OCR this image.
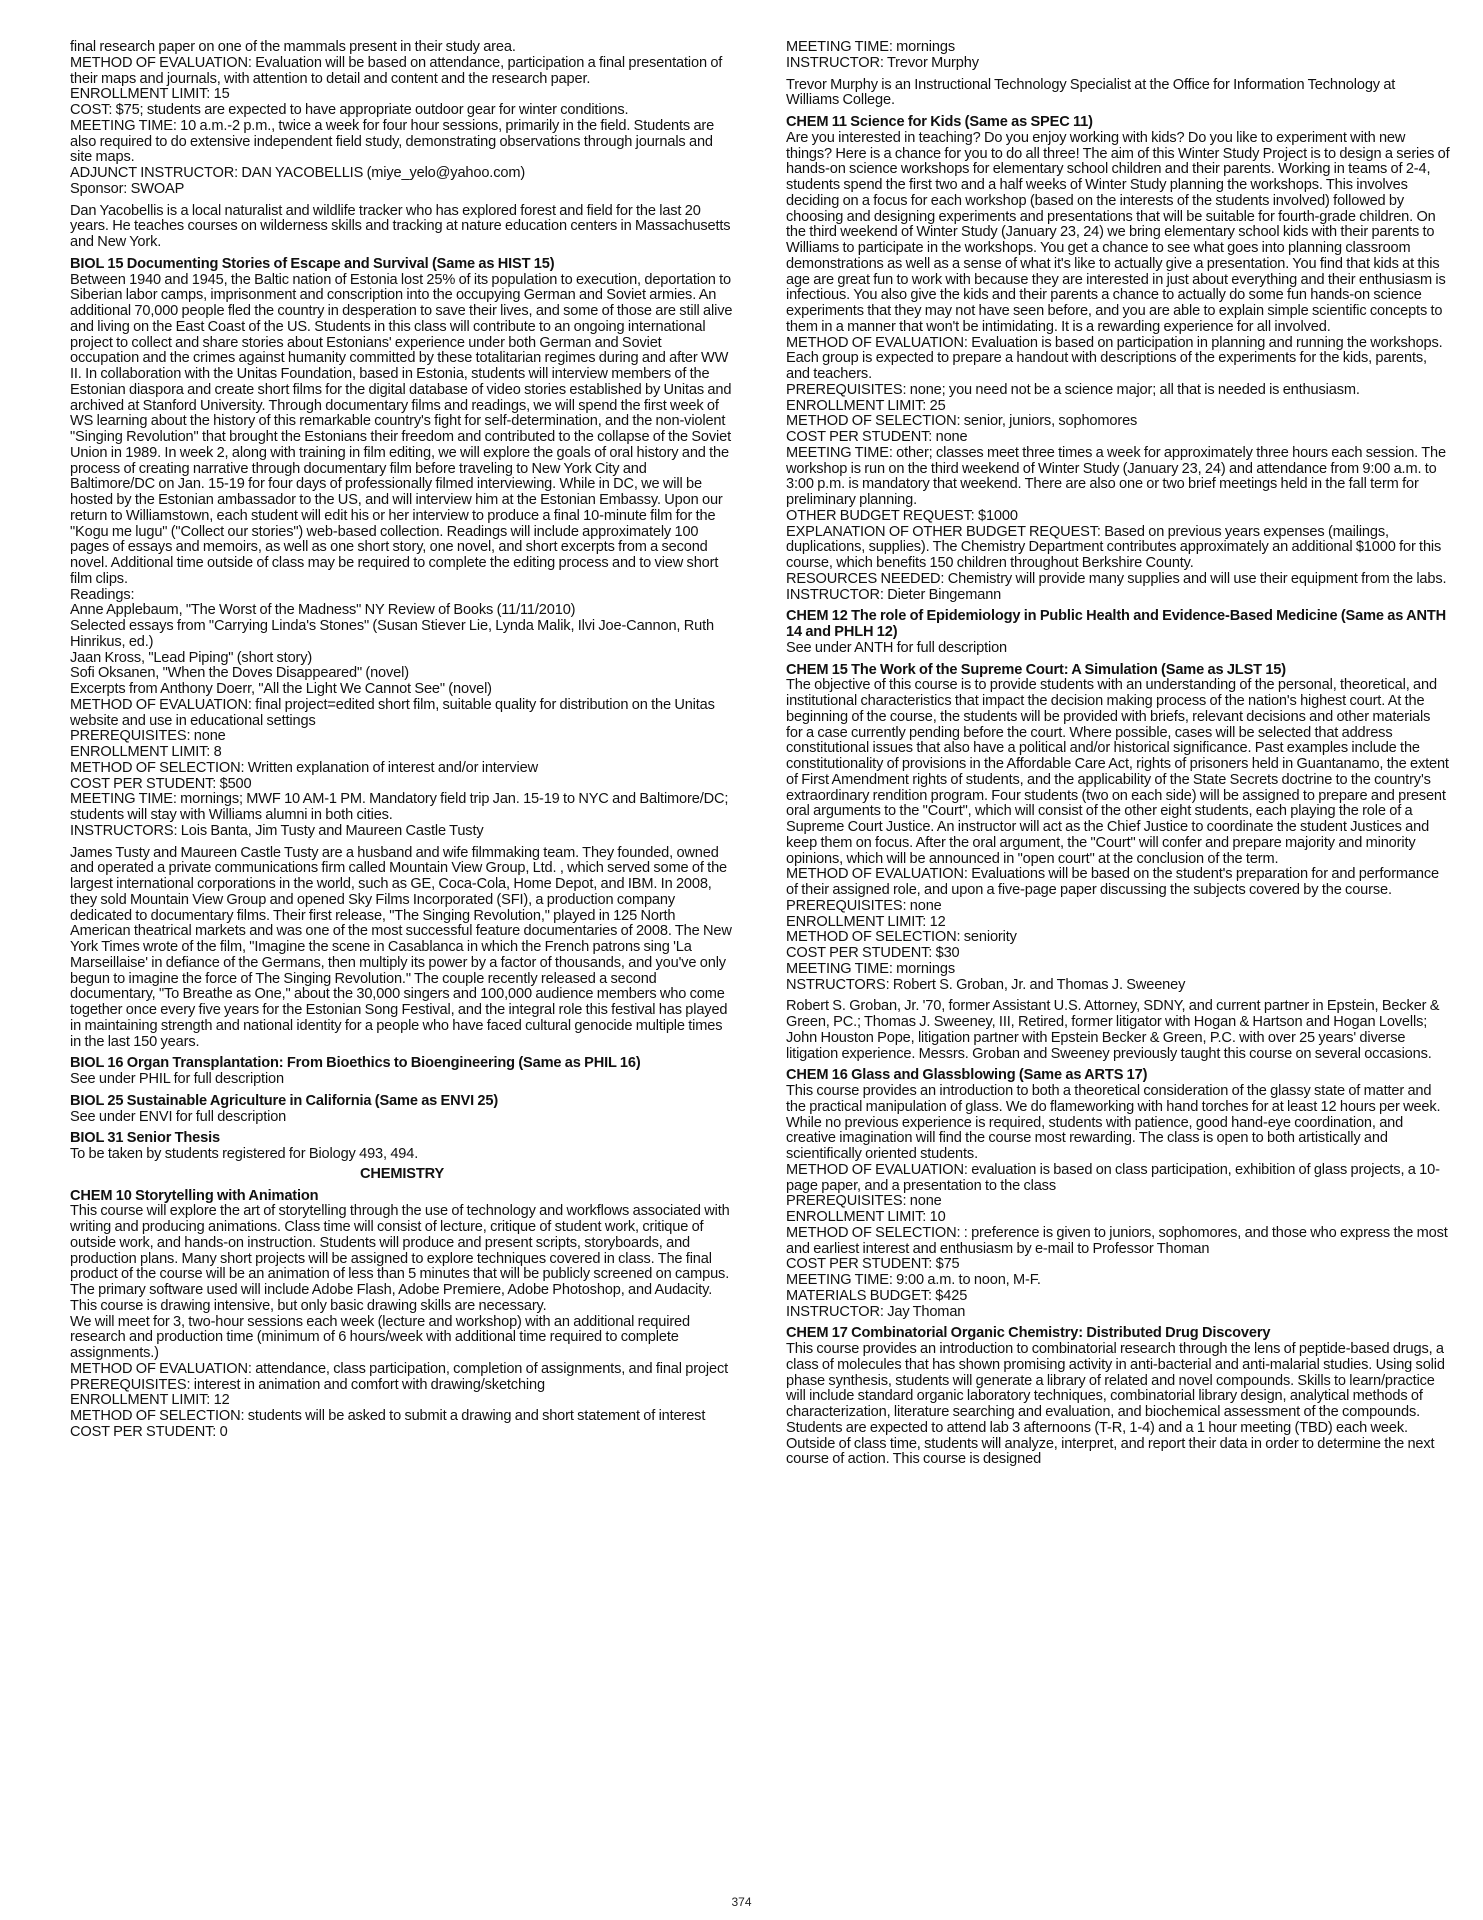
final research paper on one of the mammals present in their study area.

METHOD OF EVALUATION: Evaluation will be based on attendance, participation a final presentation of their maps and journals, with attention to detail and content and the research paper.

ENROLLMENT LIMIT: 15

COST: $75; students are expected to have appropriate outdoor gear for winter conditions.

MEETING TIME: 10 a.m.-2 p.m., twice a week for four hour sessions, primarily in the field. Students are also required to do extensive independent field study, demonstrating observations through journals and site maps.

ADJUNCT INSTRUCTOR: DAN YACOBELLIS (miye_yelo@yahoo.com)

Sponsor: SWOAP

Dan Yacobellis is a local naturalist and wildlife tracker who has explored forest and field for the last 20 years. He teaches courses on wilderness skills and tracking at nature education centers in Massachusetts and New York.

BIOL 15 Documenting Stories of Escape and Survival (Same as HIST 15)

Between 1940 and 1945, the Baltic nation of Estonia lost 25% of its population to execution, deportation to Siberian labor camps, imprisonment and conscription into the occupying German and Soviet armies. An additional 70,000 people fled the country in desperation to save their lives, and some of those are still alive and living on the East Coast of the US. Students in this class will contribute to an ongoing international project to collect and share stories about Estonians' experience under both German and Soviet occupation and the crimes against humanity committed by these totalitarian regimes during and after WW II. In collaboration with the Unitas Foundation, based in Estonia, students will interview members of the Estonian diaspora and create short films for the digital database of video stories established by Unitas and archived at Stanford University. Through documentary films and readings, we will spend the first week of WS learning about the history of this remarkable country's fight for self-determination, and the non-violent "Singing Revolution" that brought the Estonians their freedom and contributed to the collapse of the Soviet Union in 1989. In week 2, along with training in film editing, we will explore the goals of oral history and the process of creating narrative through documentary film before traveling to New York City and Baltimore/DC on Jan. 15-19 for four days of professionally filmed interviewing. While in DC, we will be hosted by the Estonian ambassador to the US, and will interview him at the Estonian Embassy. Upon our return to Williamstown, each student will edit his or her interview to produce a final 10-minute film for the "Kogu me lugu" ("Collect our stories") web-based collection. Readings will include approximately 100 pages of essays and memoirs, as well as one short story, one novel, and short excerpts from a second novel. Additional time outside of class may be required to complete the editing process and to view short film clips.

Readings:

Anne Applebaum, "The Worst of the Madness" NY Review of Books (11/11/2010)

Selected essays from "Carrying Linda's Stones" (Susan Stiever Lie, Lynda Malik, Ilvi Joe-Cannon, Ruth Hinrikus, ed.)

Jaan Kross, "Lead Piping" (short story)

Sofi Oksanen, "When the Doves Disappeared" (novel)

Excerpts from Anthony Doerr, "All the Light We Cannot See" (novel)

METHOD OF EVALUATION: final project=edited short film, suitable quality for distribution on the Unitas website and use in educational settings

PREREQUISITES: none

ENROLLMENT LIMIT: 8

METHOD OF SELECTION: Written explanation of interest and/or interview

COST PER STUDENT: $500

MEETING TIME: mornings; MWF 10 AM-1 PM. Mandatory field trip Jan. 15-19 to NYC and Baltimore/DC; students will stay with Williams alumni in both cities.

INSTRUCTORS: Lois Banta, Jim Tusty and Maureen Castle Tusty

James Tusty and Maureen Castle Tusty are a husband and wife filmmaking team. They founded, owned and operated a private communications firm called Mountain View Group, Ltd. , which served some of the largest international corporations in the world, such as GE, Coca-Cola, Home Depot, and IBM. In 2008, they sold Mountain View Group and opened Sky Films Incorporated (SFI), a production company dedicated to documentary films. Their first release, "The Singing Revolution," played in 125 North American theatrical markets and was one of the most successful feature documentaries of 2008. The New York Times wrote of the film, "Imagine the scene in Casablanca in which the French patrons sing 'La Marseillaise' in defiance of the Germans, then multiply its power by a factor of thousands, and you've only begun to imagine the force of The Singing Revolution." The couple recently released a second documentary, "To Breathe as One," about the 30,000 singers and 100,000 audience members who come together once every five years for the Estonian Song Festival, and the integral role this festival has played in maintaining strength and national identity for a people who have faced cultural genocide multiple times in the last 150 years.

BIOL 16 Organ Transplantation: From Bioethics to Bioengineering (Same as PHIL 16)

See under PHIL for full description

BIOL 25 Sustainable Agriculture in California (Same as ENVI 25)

See under ENVI for full description

BIOL 31 Senior Thesis

To be taken by students registered for Biology 493, 494.

CHEMISTRY
CHEM 10 Storytelling with Animation

This course will explore the art of storytelling through the use of technology and workflows associated with writing and producing animations. Class time will consist of lecture, critique of student work, critique of outside work, and hands-on instruction. Students will produce and present scripts, storyboards, and production plans. Many short projects will be assigned to explore techniques covered in class. The final product of the course will be an animation of less than 5 minutes that will be publicly screened on campus.

The primary software used will include Adobe Flash, Adobe Premiere, Adobe Photoshop, and Audacity. This course is drawing intensive, but only basic drawing skills are necessary.

We will meet for 3, two-hour sessions each week (lecture and workshop) with an additional required research and production time (minimum of 6 hours/week with additional time required to complete assignments.)

METHOD OF EVALUATION: attendance, class participation, completion of assignments, and final project

PREREQUISITES: interest in animation and comfort with drawing/sketching

ENROLLMENT LIMIT: 12

METHOD OF SELECTION: students will be asked to submit a drawing and short statement of interest

COST PER STUDENT: 0

MEETING TIME: mornings

INSTRUCTOR: Trevor Murphy

Trevor Murphy is an Instructional Technology Specialist at the Office for Information Technology at Williams College.

CHEM 11 Science for Kids (Same as SPEC 11)

Are you interested in teaching? Do you enjoy working with kids? Do you like to experiment with new things? Here is a chance for you to do all three! The aim of this Winter Study Project is to design a series of hands-on science workshops for elementary school children and their parents. Working in teams of 2-4, students spend the first two and a half weeks of Winter Study planning the workshops. This involves deciding on a focus for each workshop (based on the interests of the students involved) followed by choosing and designing experiments and presentations that will be suitable for fourth-grade children. On the third weekend of Winter Study (January 23, 24) we bring elementary school kids with their parents to Williams to participate in the workshops. You get a chance to see what goes into planning classroom demonstrations as well as a sense of what it's like to actually give a presentation. You find that kids at this age are great fun to work with because they are interested in just about everything and their enthusiasm is infectious. You also give the kids and their parents a chance to actually do some fun hands-on science experiments that they may not have seen before, and you are able to explain simple scientific concepts to them in a manner that won't be intimidating. It is a rewarding experience for all involved.

METHOD OF EVALUATION: Evaluation is based on participation in planning and running the workshops. Each group is expected to prepare a handout with descriptions of the experiments for the kids, parents, and teachers.

PREREQUISITES: none; you need not be a science major; all that is needed is enthusiasm.

ENROLLMENT LIMIT: 25

METHOD OF SELECTION: senior, juniors, sophomores

COST PER STUDENT: none

MEETING TIME: other; classes meet three times a week for approximately three hours each session. The workshop is run on the third weekend of Winter Study (January 23, 24) and attendance from 9:00 a.m. to 3:00 p.m. is mandatory that weekend. There are also one or two brief meetings held in the fall term for preliminary planning.

OTHER BUDGET REQUEST: $1000

EXPLANATION OF OTHER BUDGET REQUEST: Based on previous years expenses (mailings, duplications, supplies). The Chemistry Department contributes approximately an additional $1000 for this course, which benefits 150 children throughout Berkshire County.

RESOURCES NEEDED: Chemistry will provide many supplies and will use their equipment from the labs.

INSTRUCTOR: Dieter Bingemann

CHEM 12 The role of Epidemiology in Public Health and Evidence-Based Medicine (Same as ANTH 14 and PHLH 12)

See under ANTH for full description

CHEM 15 The Work of the Supreme Court: A Simulation (Same as JLST 15)

The objective of this course is to provide students with an understanding of the personal, theoretical, and institutional characteristics that impact the decision making process of the nation's highest court. At the beginning of the course, the students will be provided with briefs, relevant decisions and other materials for a case currently pending before the court. Where possible, cases will be selected that address constitutional issues that also have a political and/or historical significance. Past examples include the constitutionality of provisions in the Affordable Care Act, rights of prisoners held in Guantanamo, the extent of First Amendment rights of students, and the applicability of the State Secrets doctrine to the country's extraordinary rendition program. Four students (two on each side) will be assigned to prepare and present oral arguments to the "Court", which will consist of the other eight students, each playing the role of a Supreme Court Justice. An instructor will act as the Chief Justice to coordinate the student Justices and keep them on focus. After the oral argument, the "Court" will confer and prepare majority and minority opinions, which will be announced in "open court" at the conclusion of the term.

METHOD OF EVALUATION: Evaluations will be based on the student's preparation for and performance of their assigned role, and upon a five-page paper discussing the subjects covered by the course.

PREREQUISITES: none

ENROLLMENT LIMIT: 12

METHOD OF SELECTION: seniority

COST PER STUDENT: $30

MEETING TIME: mornings

NSTRUCTORS: Robert S. Groban, Jr. and Thomas J. Sweeney

Robert S. Groban, Jr. '70, former Assistant U.S. Attorney, SDNY, and current partner in Epstein, Becker & Green, PC.; Thomas J. Sweeney, III, Retired, former litigator with Hogan & Hartson and Hogan Lovells; John Houston Pope, litigation partner with Epstein Becker & Green, P.C. with over 25 years' diverse litigation experience. Messrs. Groban and Sweeney previously taught this course on several occasions.

CHEM 16 Glass and Glassblowing (Same as ARTS 17)

This course provides an introduction to both a theoretical consideration of the glassy state of matter and the practical manipulation of glass. We do flameworking with hand torches for at least 12 hours per week. While no previous experience is required, students with patience, good hand-eye coordination, and creative imagination will find the course most rewarding. The class is open to both artistically and scientifically oriented students.

METHOD OF EVALUATION: evaluation is based on class participation, exhibition of glass projects, a 10-page paper, and a presentation to the class

PREREQUISITES: none

ENROLLMENT LIMIT: 10

METHOD OF SELECTION: : preference is given to juniors, sophomores, and those who express the most and earliest interest and enthusiasm by e-mail to Professor Thoman

COST PER STUDENT: $75

MEETING TIME: 9:00 a.m. to noon, M-F.

MATERIALS BUDGET: $425

INSTRUCTOR: Jay Thoman

CHEM 17 Combinatorial Organic Chemistry: Distributed Drug Discovery

This course provides an introduction to combinatorial research through the lens of peptide-based drugs, a class of molecules that has shown promising activity in anti-bacterial and anti-malarial studies. Using solid phase synthesis, students will generate a library of related and novel compounds. Skills to learn/practice will include standard organic laboratory techniques, combinatorial library design, analytical methods of characterization, literature searching and evaluation, and biochemical assessment of the compounds. Students are expected to attend lab 3 afternoons (T-R, 1-4) and a 1 hour meeting (TBD) each week. Outside of class time, students will analyze, interpret, and report their data in order to determine the next course of action. This course is designed

374
